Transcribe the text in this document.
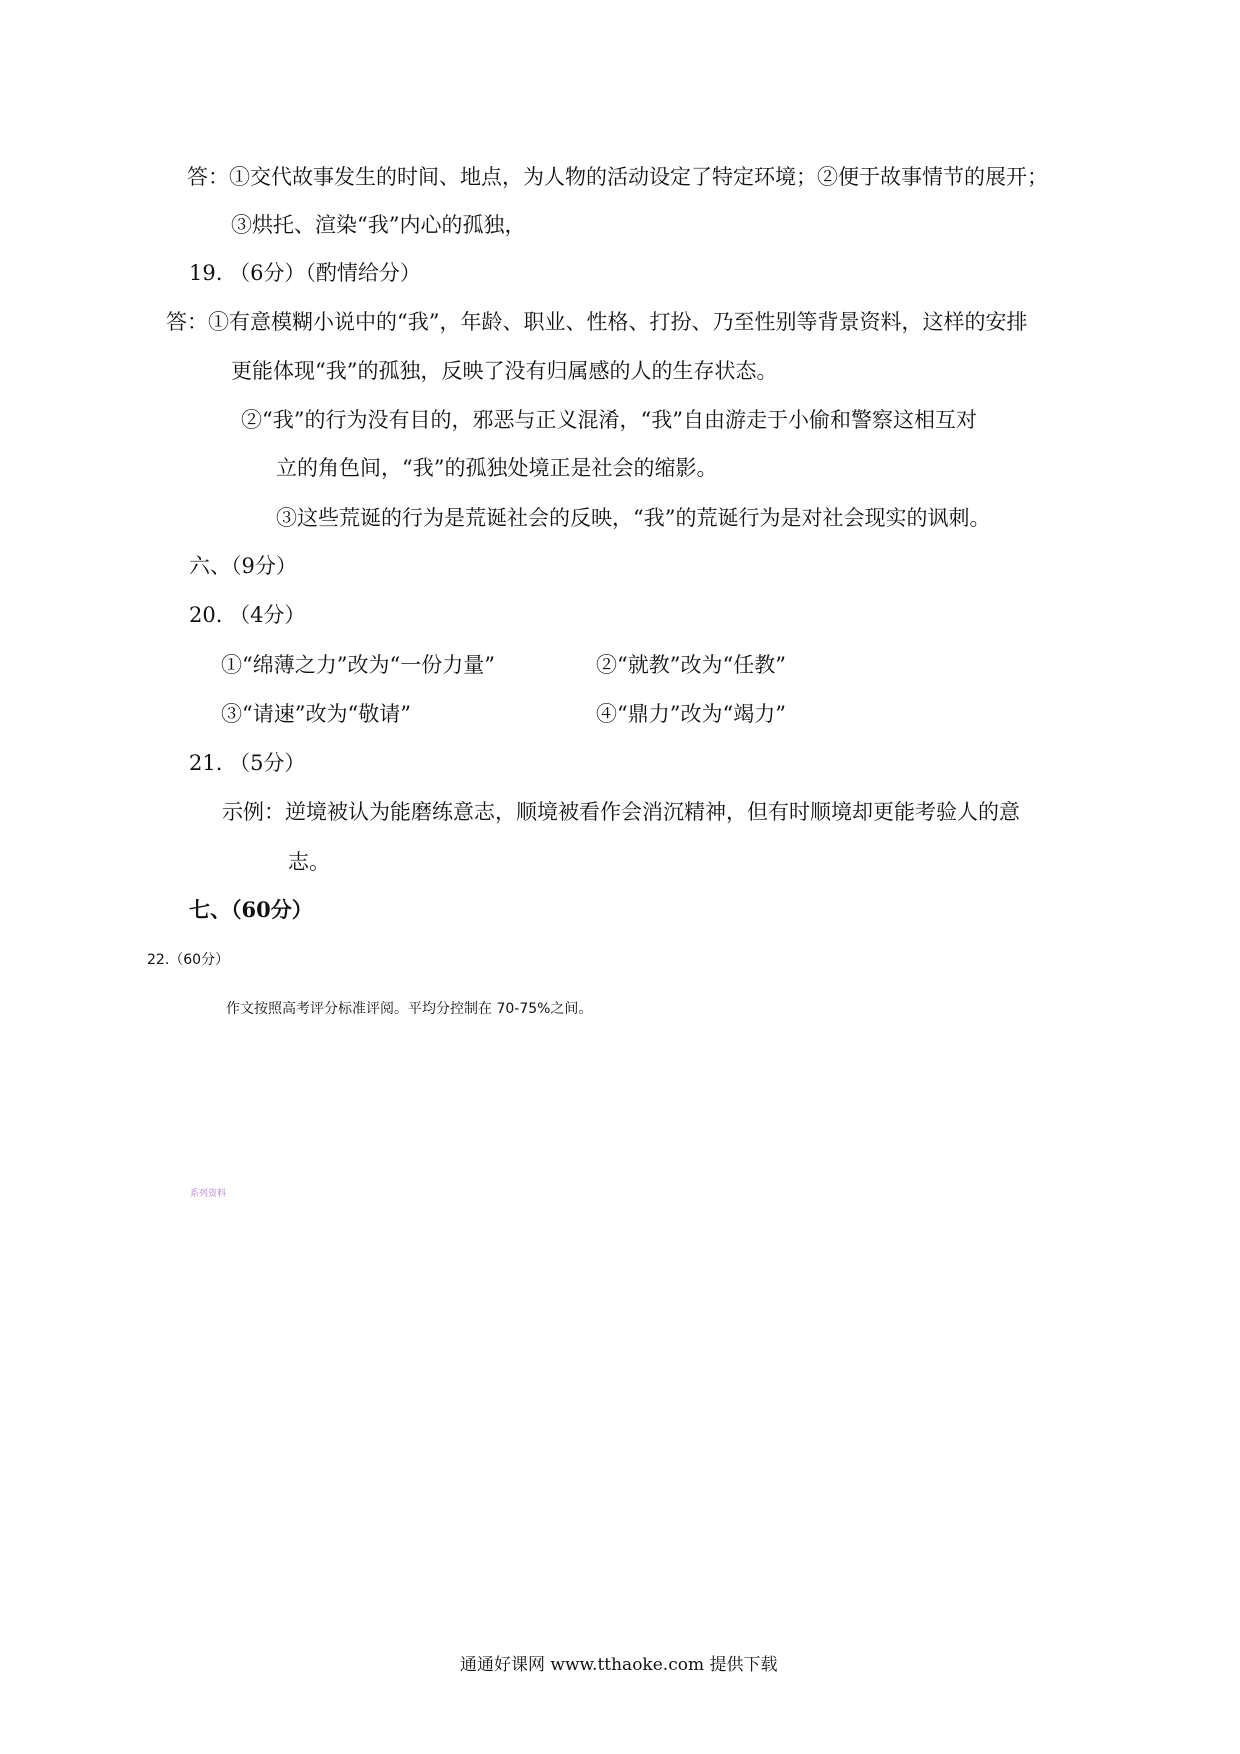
答：①交代故事发生的时间、地点，为人物的活动设定了特定环境；②便于故事情节的展开；
③烘托、渲染“我”内心的孤独，
19. （6分）（酌情给分）
答：①有意模糊小说中的“我”，年龄、职业、性格、打扮、乃至性别等背景资料，这样的安排
更能体现“我”的孤独，反映了没有归属感的人的生存状态。
②“我”的行为没有目的，邪恶与正义混淆，“我”自由游走于小偷和警察这相互对
立的角色间，“我”的孤独处境正是社会的缩影。
③这些荒诞的行为是荒诞社会的反映，“我”的荒诞行为是对社会现实的讽刺。
六、（9分）
20. （4分）
①“绵薄之力”改为“一份力量”	②“就教”改为“任教”
③“请速”改为“敬请”	④“鼎力”改为“竭力”
21. （5分）
示例：逆境被认为能磨练意志，顺境被看作会消沉精神，但有时顺境却更能考验人的意
志。
七、（60分）
22.（60分）
作文按照高考评分标准评阅。平均分控制在 70-75%之间。
系列资料
通通好课网 www.tthaoke.com 提供下载
